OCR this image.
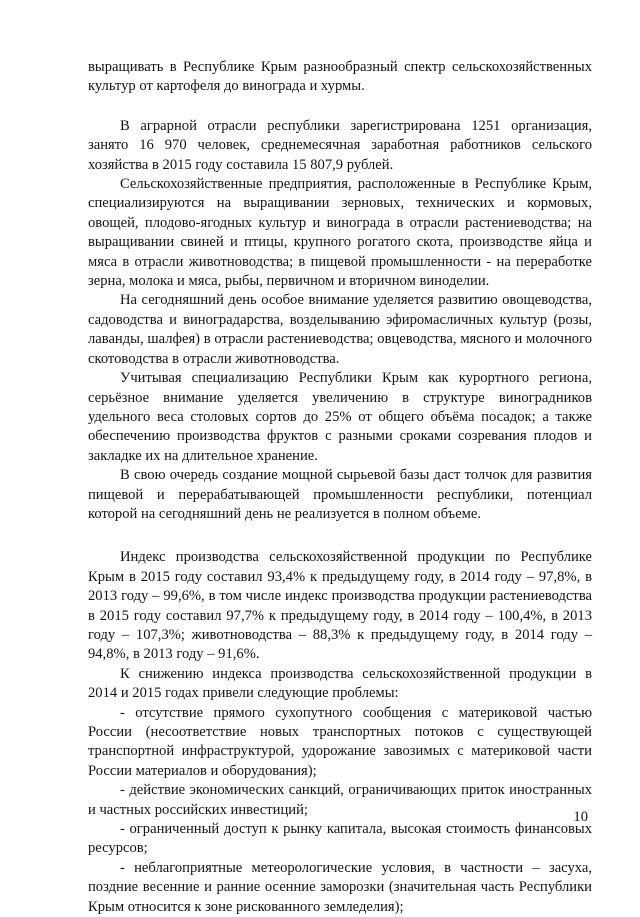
выращивать в Республике Крым разнообразный спектр сельскохозяйственных культур от картофеля до винограда и хурмы.

В аграрной отрасли республики зарегистрирована 1251 организация, занято 16 970 человек, среднемесячная заработная работников сельского хозяйства в 2015 году составила 15 807,9 рублей.

Сельскохозяйственные предприятия, расположенные в Республике Крым, специализируются на выращивании зерновых, технических и кормовых, овощей, плодово-ягодных культур и винограда в отрасли растениеводства; на выращивании свиней и птицы, крупного рогатого скота, производстве яйца и мяса в отрасли животноводства; в пищевой промышленности - на переработке зерна, молока и мяса, рыбы, первичном и вторичном виноделии.

На сегодняшний день особое внимание уделяется развитию овощеводства, садоводства и виноградарства, возделыванию эфиромасличных культур (розы, лаванды, шалфея) в отрасли растениеводства; овцеводства, мясного и молочного скотоводства в отрасли животноводства.

Учитывая специализацию Республики Крым как курортного региона, серьёзное внимание уделяется увеличению в структуре виноградников удельного веса столовых сортов до 25% от общего объёма посадок; а также обеспечению производства фруктов с разными сроками созревания плодов и закладке их на длительное хранение.

В свою очередь создание мощной сырьевой базы даст толчок для развития пищевой и перерабатывающей промышленности республики, потенциал которой на сегодняшний день не реализуется в полном объеме.

Индекс производства сельскохозяйственной продукции по Республике Крым в 2015 году составил 93,4% к предыдущему году, в 2014 году – 97,8%, в 2013 году – 99,6%, в том числе индекс производства продукции растениеводства в 2015 году составил 97,7% к предыдущему году, в 2014 году – 100,4%, в 2013 году – 107,3%; животноводства – 88,3% к предыдущему году, в 2014 году – 94,8%, в 2013 году – 91,6%.

К снижению индекса производства сельскохозяйственной продукции в 2014 и 2015 годах привели следующие проблемы:

- отсутствие прямого сухопутного сообщения с материковой частью России (несоответствие новых транспортных потоков с существующей транспортной инфраструктурой, удорожание завозимых с материковой части России материалов и оборудования);

- действие экономических санкций, ограничивающих приток иностранных и частных российских инвестиций;

- ограниченный доступ к рынку капитала, высокая стоимость финансовых ресурсов;

- неблагоприятные метеорологические условия, в частности – засуха, поздние весенние и ранние осенние заморозки (значительная часть Республики Крым относится к зоне рискованного земледелия);

10
